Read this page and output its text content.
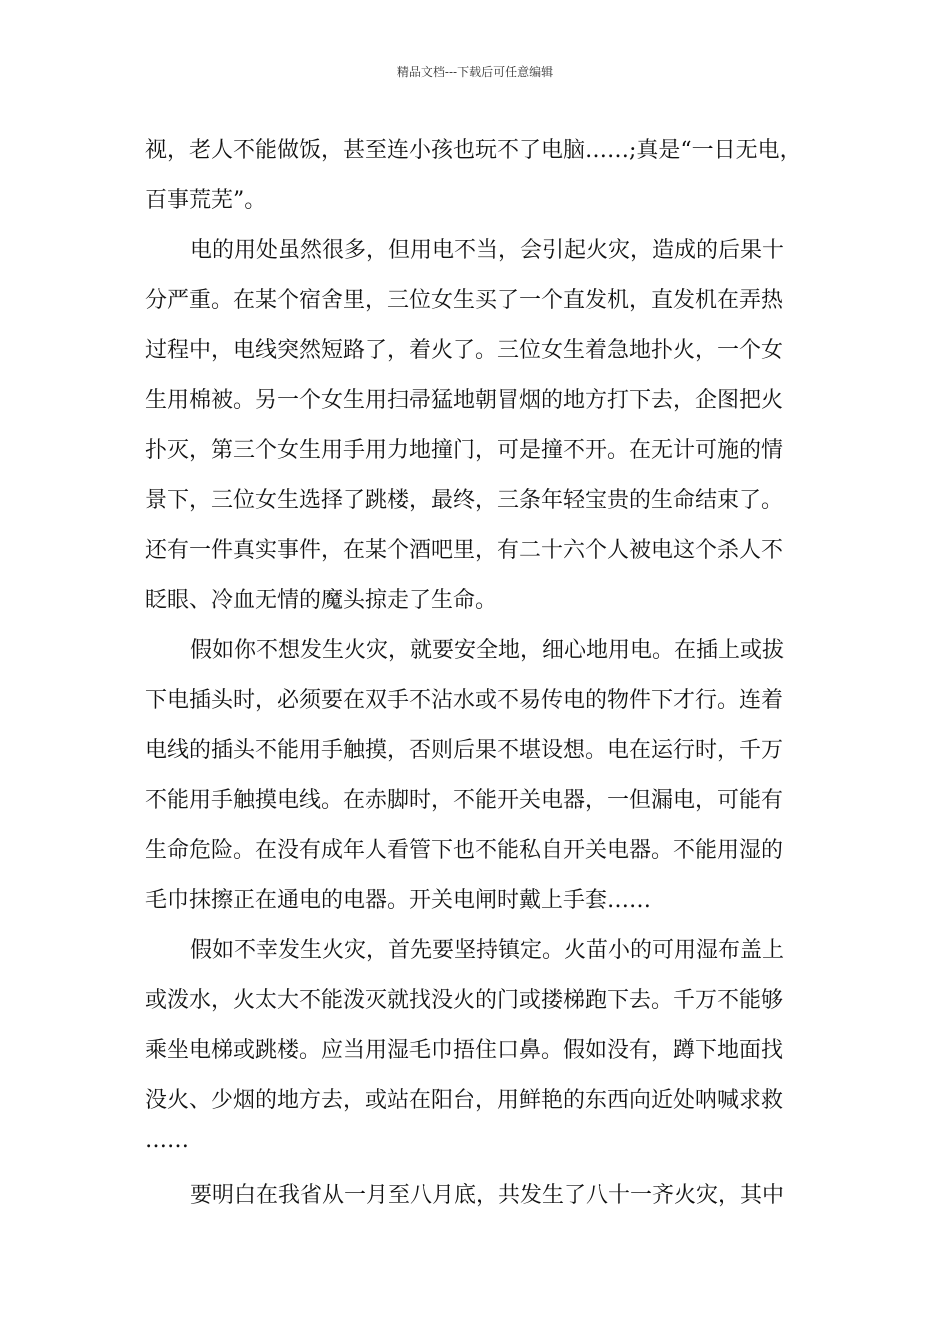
精品文档---下载后可任意编辑
视，老人不能做饭，甚至连小孩也玩不了电脑……;真是“一日无电，
百事荒芜”。
电的用处虽然很多，但用电不当，会引起火灾，造成的后果十
分严重。在某个宿舍里，三位女生买了一个直发机，直发机在弄热
过程中，电线突然短路了，着火了。三位女生着急地扑火，一个女
生用棉被。另一个女生用扫帚猛地朝冒烟的地方打下去，企图把火
扑灭，第三个女生用手用力地撞门，可是撞不开。在无计可施的情
景下，三位女生选择了跳楼，最终，三条年轻宝贵的生命结束了。
还有一件真实事件，在某个酒吧里，有二十六个人被电这个杀人不
眨眼、冷血无情的魔头掠走了生命。
假如你不想发生火灾，就要安全地，细心地用电。在插上或拔
下电插头时，必须要在双手不沾水或不易传电的物件下才行。连着
电线的插头不能用手触摸，否则后果不堪设想。电在运行时，千万
不能用手触摸电线。在赤脚时，不能开关电器，一但漏电，可能有
生命危险。在没有成年人看管下也不能私自开关电器。不能用湿的
毛巾抹擦正在通电的电器。开关电闸时戴上手套……
假如不幸发生火灾，首先要坚持镇定。火苗小的可用湿布盖上
或泼水，火太大不能泼灭就找没火的门或搂梯跑下去。千万不能够
乘坐电梯或跳楼。应当用湿毛巾捂住口鼻。假如没有，蹲下地面找
没火、少烟的地方去，或站在阳台，用鲜艳的东西向近处呐喊求救
……
要明白在我省从一月至八月底，共发生了八十一齐火灾，其中
